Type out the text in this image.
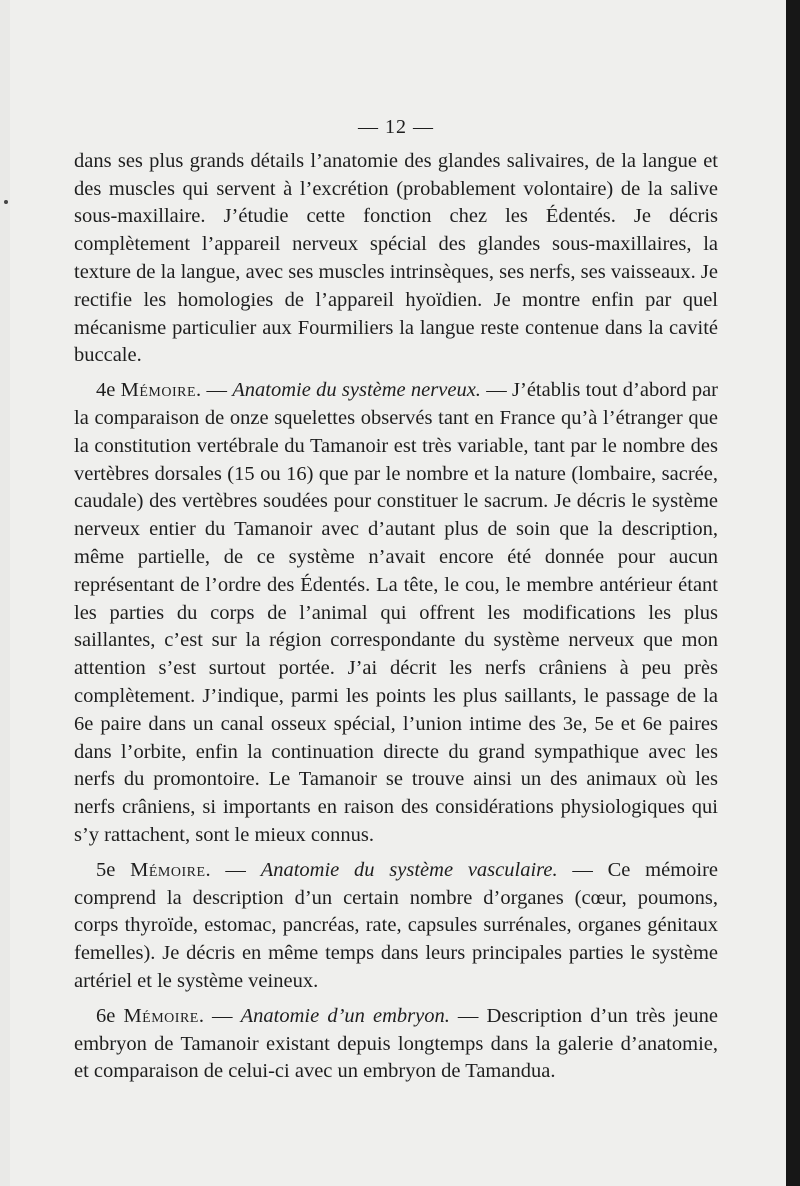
— 12 —

dans ses plus grands détails l’anatomie des glandes salivaires, de la langue et des muscles qui servent à l’excrétion (probablement volontaire) de la salive sous-maxillaire. J’étudie cette fonction chez les Édentés. Je décris complètement l’appareil nerveux spécial des glandes sous-maxillaires, la texture de la langue, avec ses muscles intrinsèques, ses nerfs, ses vaisseaux. Je rectifie les homologies de l’appareil hyoïdien. Je montre enfin par quel mécanisme particulier aux Fourmiliers la langue reste contenue dans la cavité buccale.

4e Mémoire. — Anatomie du système nerveux. — J’établis tout d’abord par la comparaison de onze squelettes observés tant en France qu’à l’étranger que la constitution vertébrale du Tamanoir est très variable, tant par le nombre des vertèbres dorsales (15 ou 16) que par le nombre et la nature (lombaire, sacrée, caudale) des vertèbres soudées pour constituer le sacrum. Je décris le système nerveux entier du Tamanoir avec d’autant plus de soin que la description, même partielle, de ce système n’avait encore été donnée pour aucun représentant de l’ordre des Édentés. La tête, le cou, le membre antérieur étant les parties du corps de l’animal qui offrent les modifications les plus saillantes, c’est sur la région correspondante du système nerveux que mon attention s’est surtout portée. J’ai décrit les nerfs crâniens à peu près complètement. J’indique, parmi les points les plus saillants, le passage de la 6e paire dans un canal osseux spécial, l’union intime des 3e, 5e et 6e paires dans l’orbite, enfin la continuation directe du grand sympathique avec les nerfs du promontoire. Le Tamanoir se trouve ainsi un des animaux où les nerfs crâniens, si importants en raison des considérations physiologiques qui s’y rattachent, sont le mieux connus.

5e Mémoire. — Anatomie du système vasculaire. — Ce mémoire comprend la description d’un certain nombre d’organes (cœur, poumons, corps thyroïde, estomac, pancréas, rate, capsules surrénales, organes génitaux femelles). Je décris en même temps dans leurs principales parties le système artériel et le système veineux.

6e Mémoire. — Anatomie d’un embryon. — Description d’un très jeune embryon de Tamanoir existant depuis longtemps dans la galerie d’anatomie, et comparaison de celui-ci avec un embryon de Tamandua.
